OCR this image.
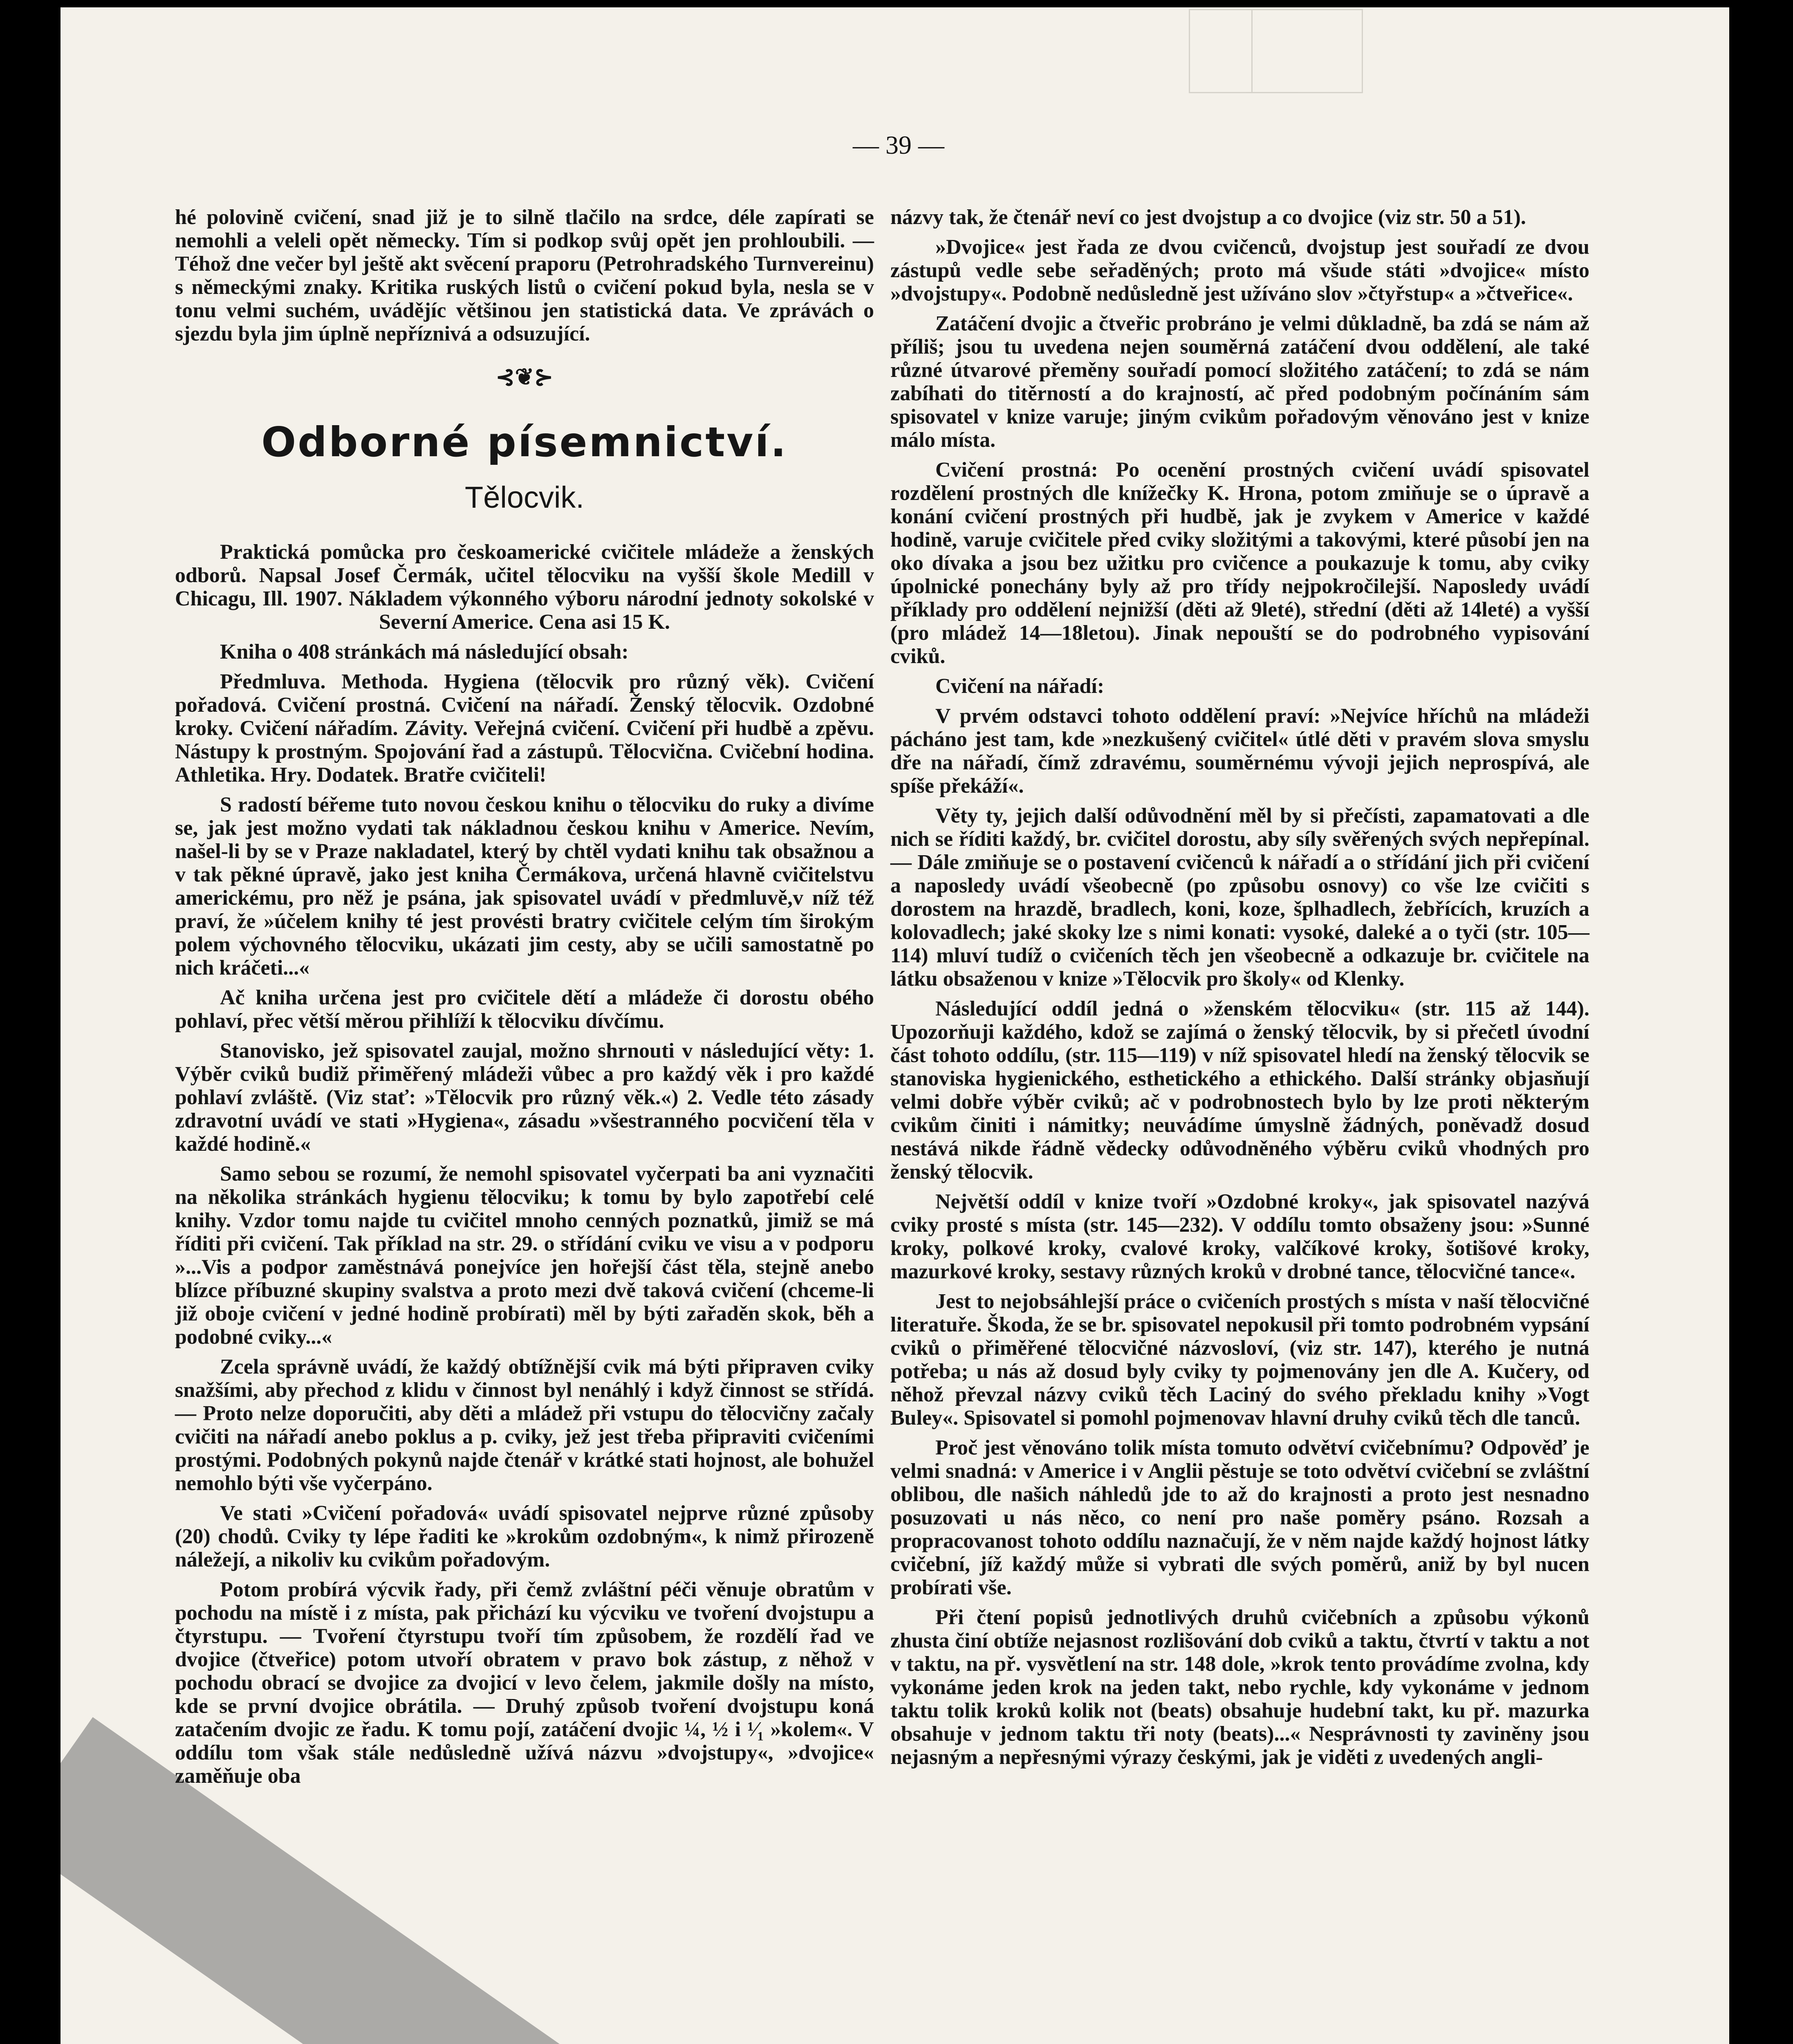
— 39 —

hé polovině cvičení, snad již je to silně tlačilo na srdce, déle zapírati se nemohli a veleli opět německy. Tím si podkop svůj opět jen prohloubili. — Téhož dne večer byl ještě akt svěcení praporu (Petrohradského Turnvereinu) s německými znaky. Kritika ruských listů o cvičení pokud byla, nesla se v tonu velmi suchém, uvádějíc většinou jen statistická data. Ve zprávách o sjezdu byla jim úplně nepříznivá a odsuzující.

⊰❦⊱
Odborné písemnictví.
Tělocvik.

Praktická pomůcka pro českoamerické cvičitele mládeže a ženských odborů. Napsal Josef Čermák, učitel tělocviku na vyšší škole Medill v Chicagu, Ill. 1907. Nákladem výkonného výboru národní jednoty sokolské v Severní Americe. Cena asi 15 K.

Kniha o 408 stránkách má následující obsah:

Předmluva. Methoda. Hygiena (tělocvik pro různý věk). Cvičení pořadová. Cvičení prostná. Cvičení na nářadí. Ženský tělocvik. Ozdobné kroky. Cvičení nářadím. Závity. Veřejná cvičení. Cvičení při hudbě a zpěvu. Nástupy k prostným. Spojování řad a zástupů. Tělocvična. Cvičební hodina. Athletika. Hry. Dodatek. Bratře cvičiteli!

S radostí béřeme tuto novou českou knihu o tělocviku do ruky a divíme se, jak jest možno vydati tak nákladnou českou knihu v Americe. Nevím, našel-li by se v Praze nakladatel, který by chtěl vydati knihu tak obsažnou a v tak pěkné úpravě, jako jest kniha Čermákova, určená hlavně cvičitelstvu americkému, pro něž je psána, jak spisovatel uvádí v předmluvě,v níž též praví, že »účelem knihy té jest provésti bratry cvičitele celým tím širokým polem výchovného tělocviku, ukázati jim cesty, aby se učili samostatně po nich kráčeti...«

Ač kniha určena jest pro cvičitele dětí a mládeže či dorostu obého pohlaví, přec větší měrou přihlíží k tělocviku dívčímu.

Stanovisko, jež spisovatel zaujal, možno shrnouti v následující věty: 1. Výběr cviků budiž přiměřený mládeži vůbec a pro každý věk i pro každé pohlaví zvláště. (Viz stať: »Tělocvik pro různý věk.«) 2. Vedle této zásady zdravotní uvádí ve stati »Hygiena«, zásadu »všestranného pocvičení těla v každé hodině.«

Samo sebou se rozumí, že nemohl spisovatel vyčerpati ba ani vyznačiti na několika stránkách hygienu tělocviku; k tomu by bylo zapotřebí celé knihy. Vzdor tomu najde tu cvičitel mnoho cenných poznatků, jimiž se má říditi při cvičení. Tak příklad na str. 29. o střídání cviku ve visu a v podporu »...Vis a podpor zaměstnává ponejvíce jen hořejší část těla, stejně anebo blízce příbuzné skupiny svalstva a proto mezi dvě taková cvičení (chceme-li již oboje cvičení v jedné hodině probírati) měl by býti zařaděn skok, běh a podobné cviky...«

Zcela správně uvádí, že každý obtížnější cvik má býti připraven cviky snažšími, aby přechod z klidu v činnost byl nenáhlý i když činnost se střídá. — Proto nelze doporučiti, aby děti a mládež při vstupu do tělocvičny začaly cvičiti na nářadí anebo poklus a p. cviky, jež jest třeba připraviti cvičeními prostými. Podobných pokynů najde čtenář v krátké stati hojnost, ale bohužel nemohlo býti vše vyčerpáno.

Ve stati »Cvičení pořadová« uvádí spisovatel nejprve různé způsoby (20) chodů. Cviky ty lépe řaditi ke »krokům ozdobným«, k nimž přirozeně náležejí, a nikoliv ku cvikům pořadovým.

Potom probírá výcvik řady, při čemž zvláštní péči věnuje obratům v pochodu na místě i z místa, pak přichází ku výcviku ve tvoření dvojstupu a čtyrstupu. — Tvoření čtyrstupu tvoří tím způsobem, že rozdělí řad ve dvojice (čtveřice) potom utvoří obratem v pravo bok zástup, z něhož v pochodu obrací se dvojice za dvojicí v levo čelem, jakmile došly na místo, kde se první dvojice obrátila. — Druhý způsob tvoření dvojstupu koná zatačením dvojic ze řadu. K tomu pojí, zatáčení dvojic ¼, ½ i ¹⁄₁ »kolem«. V oddílu tom však stále nedůsledně užívá názvu »dvojstupy«, »dvojice« zaměňuje oba

názvy tak, že čtenář neví co jest dvojstup a co dvojice (viz str. 50 a 51).

»Dvojice« jest řada ze dvou cvičenců, dvojstup jest souřadí ze dvou zástupů vedle sebe seřaděných; proto má všude státi »dvojice« místo »dvojstupy«. Podobně nedůsledně jest užíváno slov »čtyřstup« a »čtveřice«.

Zatáčení dvojic a čtveřic probráno je velmi důkladně, ba zdá se nám až příliš; jsou tu uvedena nejen souměrná zatáčení dvou oddělení, ale také různé útvarové přeměny souřadí pomocí složitého zatáčení; to zdá se nám zabíhati do titěrností a do krajností, ač před podobným počínáním sám spisovatel v knize varuje; jiným cvikům pořadovým věnováno jest v knize málo místa.

Cvičení prostná: Po ocenění prostných cvičení uvádí spisovatel rozdělení prostných dle knížečky K. Hrona, potom zmiňuje se o úpravě a konání cvičení prostných při hudbě, jak je zvykem v Americe v každé hodině, varuje cvičitele před cviky složitými a takovými, které působí jen na oko dívaka a jsou bez užitku pro cvičence a poukazuje k tomu, aby cviky úpolnické ponechány byly až pro třídy nejpokročilejší. Naposledy uvádí příklady pro oddělení nejnižší (děti až 9leté), střední (děti až 14leté) a vyšší (pro mládež 14—18letou). Jinak nepouští se do podrobného vypisování cviků.

Cvičení na nářadí:

V prvém odstavci tohoto oddělení praví: »Nejvíce hříchů na mládeži pácháno jest tam, kde »nezkušený cvičitel« útlé děti v pravém slova smyslu dře na nářadí, čímž zdravému, souměrnému vývoji jejich neprospívá, ale spíše překáží«.

Věty ty, jejich další odůvodnění měl by si přečísti, zapamatovati a dle nich se říditi každý, br. cvičitel dorostu, aby síly svěřených svých nepřepínal. — Dále zmiňuje se o postavení cvičenců k nářadí a o střídání jich při cvičení a naposledy uvádí všeobecně (po způsobu osnovy) co vše lze cvičiti s dorostem na hrazdě, bradlech, koni, koze, šplhadlech, žebřících, kruzích a kolovadlech; jaké skoky lze s nimi konati: vysoké, daleké a o tyči (str. 105—114) mluví tudíž o cvičeních těch jen všeobecně a odkazuje br. cvičitele na látku obsaženou v knize »Tělocvik pro školy« od Klenky.

Následující oddíl jedná o »ženském tělocviku« (str. 115 až 144). Upozorňuji každého, kdož se zajímá o ženský tělocvik, by si přečetl úvodní část tohoto oddílu, (str. 115—119) v níž spisovatel hledí na ženský tělocvik se stanoviska hygienického, esthetického a ethického. Další stránky objasňují velmi dobře výběr cviků; ač v podrobnostech bylo by lze proti některým cvikům činiti i námitky; neuvádíme úmyslně žádných, poněvadž dosud nestává nikde řádně vědecky odůvodněného výběru cviků vhodných pro ženský tělocvik.

Největší oddíl v knize tvoří »Ozdobné kroky«, jak spisovatel nazývá cviky prosté s místa (str. 145—232). V oddílu tomto obsaženy jsou: »Sunné kroky, polkové kroky, cvalové kroky, valčíkové kroky, šotišové kroky, mazurkové kroky, sestavy různých kroků v drobné tance, tělocvičné tance«.

Jest to nejobsáhlejší práce o cvičeních prostých s místa v naší tělocvičné literatuře. Škoda, že se br. spisovatel nepokusil při tomto podrobném vypsání cviků o přiměřené tělocvičné názvosloví, (viz str. 147), kterého je nutná potřeba; u nás až dosud byly cviky ty pojmenovány jen dle A. Kučery, od něhož převzal názvy cviků těch Laciný do svého překladu knihy »Vogt Buley«. Spisovatel si pomohl pojmenovav hlavní druhy cviků těch dle tanců.

Proč jest věnováno tolik místa tomuto odvětví cvičebnímu? Odpověď je velmi snadná: v Americe i v Anglii pěstuje se toto odvětví cvičební se zvláštní oblibou, dle našich náhledů jde to až do krajnosti a proto jest nesnadno posuzovati u nás něco, co není pro naše poměry psáno. Rozsah a propracovanost tohoto oddílu naznačují, že v něm najde každý hojnost látky cvičební, jíž každý může si vybrati dle svých poměrů, aniž by byl nucen probírati vše.

Při čtení popisů jednotlivých druhů cvičebních a způsobu výkonů zhusta činí obtíže nejasnost rozlišování dob cviků a taktu, čtvrtí v taktu a not v taktu, na př. vysvětlení na str. 148 dole, »krok tento provádíme zvolna, kdy vykonáme jeden krok na jeden takt, nebo rychle, kdy vykonáme v jednom taktu tolik kroků kolik not (beats) obsahuje hudební takt, ku př. mazurka obsahuje v jednom taktu tři noty (beats)...« Nesprávnosti ty zaviněny jsou nejasným a nepřesnými výrazy českými, jak je viděti z uvedených angli-
